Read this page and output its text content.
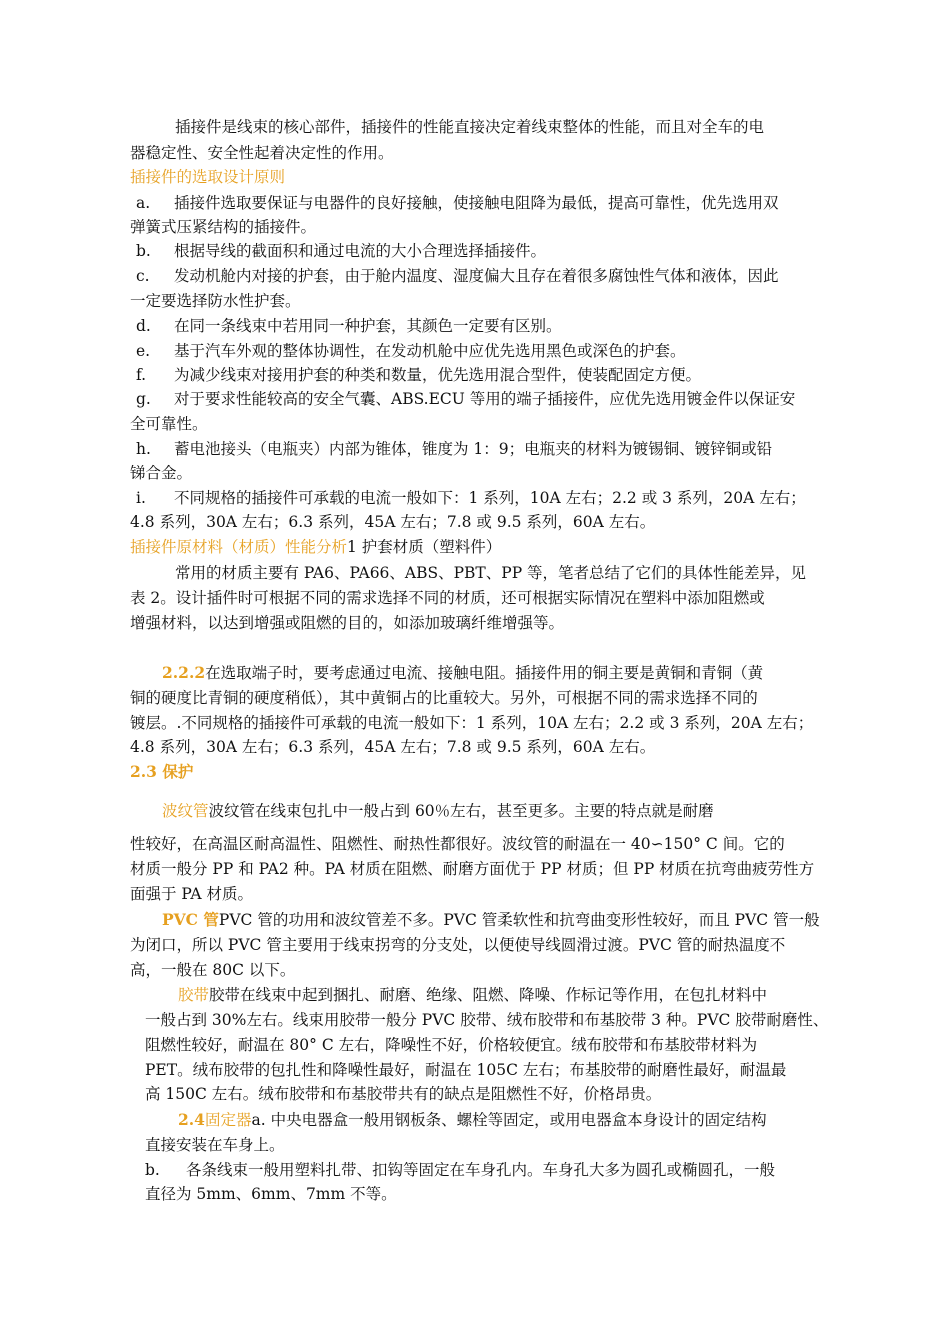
插接件是线束的核心部件，插接件的性能直接决定着线束整体的性能，而且对全车的电
器稳定性、安全性起着决定性的作用。
插接件的选取设计原则
a. 插接件选取要保证与电器件的良好接触，使接触电阻降为最低，提高可靠性，优先选用双
弹簧式压紧结构的插接件。
b. 根据导线的截面积和通过电流的大小合理选择插接件。
c. 发动机舱内对接的护套，由于舱内温度、湿度偏大且存在着很多腐蚀性气体和液体，因此
一定要选择防水性护套。
d. 在同一条线束中若用同一种护套，其颜色一定要有区别。
e. 基于汽车外观的整体协调性，在发动机舱中应优先选用黑色或深色的护套。
f. 为减少线束对接用护套的种类和数量，优先选用混合型件，使装配固定方便。
g. 对于要求性能较高的安全气囊、ABS.ECU 等用的端子插接件，应优先选用镀金件以保证安
全可靠性。
h. 蓄电池接头（电瓶夹）内部为锥体，锥度为 1：9；电瓶夹的材料为镀锡铜、镀锌铜或铅
锑合金。
i. 不同规格的插接件可承载的电流一般如下：1 系列，10A 左右；2.2 或 3 系列，20A 左右；
4.8 系列，30A 左右；6.3 系列，45A 左右；7.8 或 9.5 系列，60A 左右。
插接件原材料（材质）性能分析1 护套材质（塑料件）
常用的材质主要有 PA6、PA66、ABS、PBT、PP 等，笔者总结了它们的具体性能差异，见
表 2。设计插件时可根据不同的需求选择不同的材质，还可根据实际情况在塑料中添加阻燃或
增强材料，以达到增强或阻燃的目的，如添加玻璃纤维增强等。
2.2.2在选取端子时，要考虑通过电流、接触电阻。插接件用的铜主要是黄铜和青铜（黄
铜的硬度比青铜的硬度稍低），其中黄铜占的比重较大。另外，可根据不同的需求选择不同的
镀层。.不同规格的插接件可承载的电流一般如下：1 系列，10A 左右；2.2 或 3 系列，20A 左右；
4.8 系列，30A 左右；6.3 系列，45A 左右；7.8 或 9.5 系列，60A 左右。
2.3 保护
波纹管波纹管在线束包扎中一般占到 60％左右，甚至更多。主要的特点就是耐磨
性较好，在高温区耐高温性、阻燃性、耐热性都很好。波纹管的耐温在一 40∽150° C 间。它的
材质一般分 PP 和 PA2 种。PA 材质在阻燃、耐磨方面优于 PP 材质；但 PP 材质在抗弯曲疲劳性方
面强于 PA 材质。
PVC 管PVC 管的功用和波纹管差不多。PVC 管柔软性和抗弯曲变形性较好，而且 PVC 管一般
为闭口，所以 PVC 管主要用于线束拐弯的分支处，以便使导线圆滑过渡。PVC 管的耐热温度不
高，一般在 80C 以下。
胶带胶带在线束中起到捆扎、耐磨、绝缘、阻燃、降噪、作标记等作用，在包扎材料中
一般占到 30%左右。线束用胶带一般分 PVC 胶带、绒布胶带和布基胶带 3 种。PVC 胶带耐磨性、
阻燃性较好，耐温在 80° C 左右，降噪性不好，价格较便宜。绒布胶带和布基胶带材料为
PET。绒布胶带的包扎性和降噪性最好，耐温在 105C 左右；布基胶带的耐磨性最好，耐温最
高 150C 左右。绒布胶带和布基胶带共有的缺点是阻燃性不好，价格昂贵。
2.4固定器a. 中央电器盒一般用钢板条、螺栓等固定，或用电器盒本身设计的固定结构
直接安装在车身上。
b. 各条线束一般用塑料扎带、扣钩等固定在车身孔内。车身孔大多为圆孔或椭圆孔，一般
直径为 5mm、6mm、7mm 不等。
